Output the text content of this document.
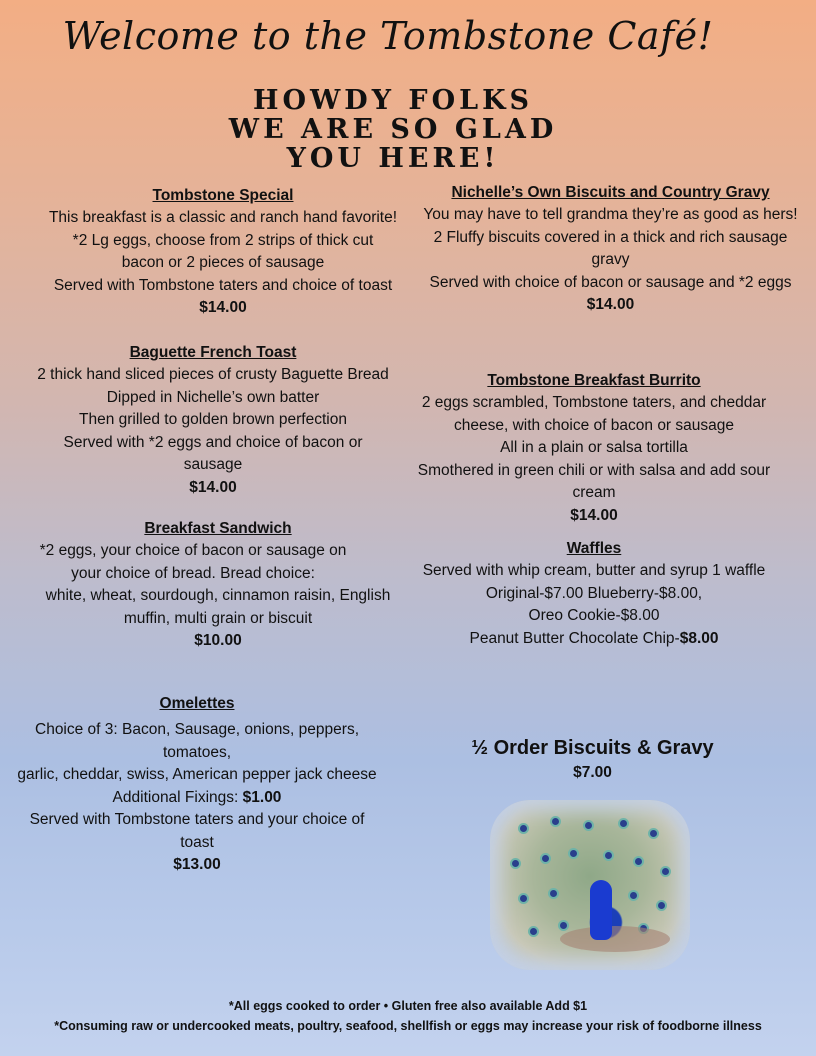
Welcome to the Tombstone Café!
HOWDY FOLKS
WE ARE SO GLAD
YOU HERE!
Tombstone Special

This breakfast is a classic and ranch hand favorite!

*2 Lg eggs, choose from 2 strips of thick cut

bacon or 2 pieces of sausage

Served with Tombstone taters and choice of toast

$14.00

Baguette French Toast

2 thick hand sliced pieces of crusty Baguette Bread

Dipped in Nichelle’s own batter

Then grilled to golden brown perfection

Served with *2 eggs and choice of bacon or sausage

$14.00

Breakfast Sandwich

*2 eggs, your choice of bacon or sausage on your choice of bread. Bread choice:

white, wheat, sourdough, cinnamon raisin, English muffin, multi grain or biscuit

$10.00

Omelettes

Choice of 3: Bacon, Sausage, onions, peppers, tomatoes,

garlic, cheddar, swiss, American pepper jack cheese

Additional Fixings: $1.00

Served with Tombstone taters and your choice of toast

$13.00

Nichelle’s Own Biscuits and Country Gravy

You may have to tell grandma they’re as good as hers!

2 Fluffy biscuits covered in a thick and rich sausage gravy

Served with choice of bacon or sausage and *2 eggs

$14.00

Tombstone Breakfast Burrito

2 eggs scrambled, Tombstone taters, and cheddar cheese, with choice of bacon or sausage

All in a plain or salsa tortilla

Smothered in green chili or with salsa and add sour cream

$14.00

Waffles

Served with whip cream, butter and syrup 1 waffle

Original-$7.00 Blueberry-$8.00,

Oreo Cookie-$8.00

Peanut Butter Chocolate Chip-$8.00

½ Order Biscuits & Gravy
$7.00
*All eggs cooked to order • Gluten free also available Add $1
*Consuming raw or undercooked meats, poultry, seafood, shellfish or eggs may increase your risk of foodborne illness
